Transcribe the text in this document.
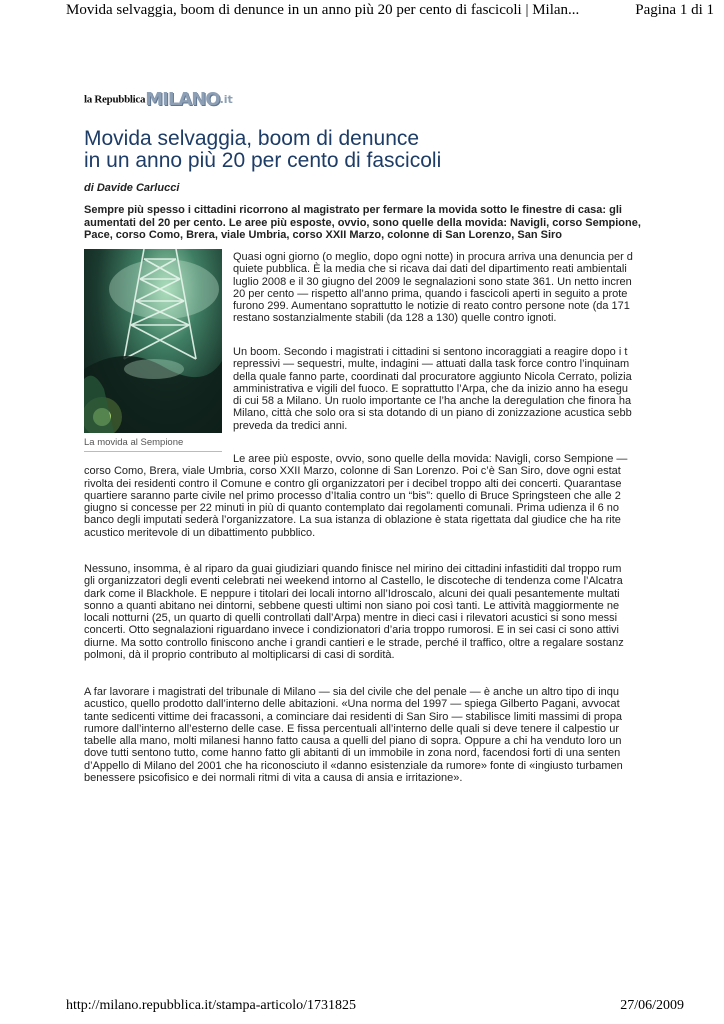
Movida selvaggia, boom di denunce in un anno più 20 per cento di fascicoli | Milan...	Pagina 1 di 1
la RepubblicaMILANO.it
Movida selvaggia, boom di denunce
in un anno più 20 per cento di fascicoli
di Davide Carlucci
Sempre più spesso i cittadini ricorrono al magistrato per fermare la movida sotto le finestre di casa: gli
aumentati del 20 per cento. Le aree più esposte, ovvio, sono quelle della movida: Navigli, corso Sempione,
Pace, corso Como, Brera, viale Umbria, corso XXII Marzo, colonne di San Lorenzo, San Siro
La movida al Sempione
Quasi ogni giorno (o meglio, dopo ogni notte) in procura arriva una denuncia per d
quiete pubblica. È la media che si ricava dai dati del dipartimento reati ambientali
luglio 2008 e il 30 giugno del 2009 le segnalazioni sono state 361. Un netto incren
20 per cento — rispetto all’anno prima, quando i fascicoli aperti in seguito a prote
furono 299. Aumentano soprattutto le notizie di reato contro persone note (da 171
restano sostanzialmente stabili (da 128 a 130) quelle contro ignoti.
Un boom. Secondo i magistrati i cittadini si sentono incoraggiati a reagire dopo i t
repressivi — sequestri, multe, indagini — attuati dalla task force contro l’inquinam
della quale fanno parte, coordinati dal procuratore aggiunto Nicola Cerrato, polizia
amministrativa e vigili del fuoco. E soprattutto l’Arpa, che da inizio anno ha esegu
di cui 58 a Milano. Un ruolo importante ce l’ha anche la deregulation che finora ha
Milano, città che solo ora si sta dotando di un piano di zonizzazione acustica sebb
preveda da tredici anni.
Le aree più esposte, ovvio, sono quelle della movida: Navigli, corso Sempione —
corso Como, Brera, viale Umbria, corso XXII Marzo, colonne di San Lorenzo. Poi c’è San Siro, dove ogni estat
rivolta dei residenti contro il Comune e contro gli organizzatori per i decibel troppo alti dei concerti. Quarantase
quartiere saranno parte civile nel primo processo d’Italia contro un “bis”: quello di Bruce Springsteen che alle 2
giugno si concesse per 22 minuti in più di quanto contemplato dai regolamenti comunali. Prima udienza il 6 no
banco degli imputati sederà l’organizzatore. La sua istanza di oblazione è stata rigettata dal giudice che ha rite
acustico meritevole di un dibattimento pubblico.
Nessuno, insomma, è al riparo da guai giudiziari quando finisce nel mirino dei cittadini infastiditi dal troppo rum
gli organizzatori degli eventi celebrati nei weekend intorno al Castello, le discoteche di tendenza come l’Alcatra
dark come il Blackhole. E neppure i titolari dei locali intorno all’Idroscalo, alcuni dei quali pesantemente multati
sonno a quanti abitano nei dintorni, sebbene questi ultimi non siano poi così tanti. Le attività maggiormente ne
locali notturni (25, un quarto di quelli controllati dall’Arpa) mentre in dieci casi i rilevatori acustici si sono messi
concerti. Otto segnalazioni riguardano invece i condizionatori d’aria troppo rumorosi. E in sei casi ci sono attivi
diurne. Ma sotto controllo finiscono anche i grandi cantieri e le strade, perché il traffico, oltre a regalare sostanz
polmoni, dà il proprio contributo al moltiplicarsi di casi di sordità.
A far lavorare i magistrati del tribunale di Milano — sia del civile che del penale — è anche un altro tipo di inqu
acustico, quello prodotto dall’interno delle abitazioni. «Una norma del 1997 — spiega Gilberto Pagani, avvocat
tante sedicenti vittime dei fracassoni, a cominciare dai residenti di San Siro — stabilisce limiti massimi di propa
rumore dall’interno all’esterno delle case. E fissa percentuali all’interno delle quali si deve tenere il calpestio ur
tabelle alla mano, molti milanesi hanno fatto causa a quelli del piano di sopra. Oppure a chi ha venduto loro un
dove tutti sentono tutto, come hanno fatto gli abitanti di un immobile in zona nord, facendosi forti di una senten
d’Appello di Milano del 2001 che ha riconosciuto il «danno esistenziale da rumore» fonte di «ingiusto turbamen
benessere psicofisico e dei normali ritmi di vita a causa di ansia e irritazione».
http://milano.repubblica.it/stampa-articolo/1731825	27/06/2009
